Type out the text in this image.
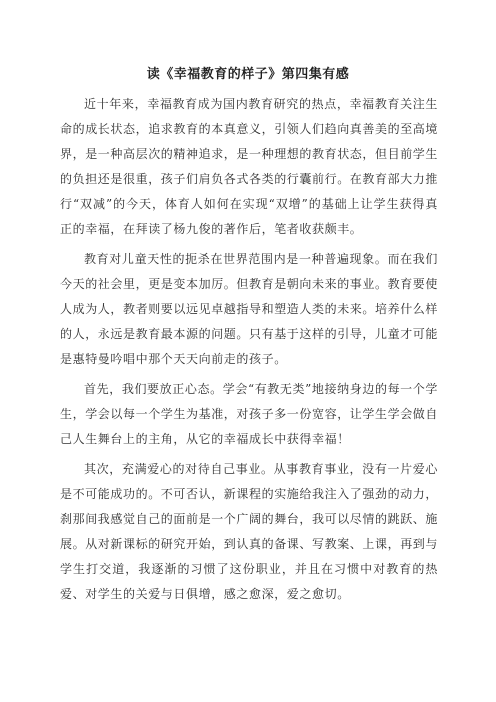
读《幸福教育的样子》第四集有感

近十年来，幸福教育成为国内教育研究的热点，幸福教育关注生命的成长状态，追求教育的本真意义，引领人们趋向真善美的至高境界，是一种高层次的精神追求，是一种理想的教育状态，但目前学生的负担还是很重，孩子们肩负各式各类的行囊前行。在教育部大力推行“双减”的今天，体育人如何在实现“双增”的基础上让学生获得真正的幸福，在拜读了杨九俊的著作后，笔者收获颇丰。

教育对儿童天性的扼杀在世界范围内是一种普遍现象。而在我们今天的社会里，更是变本加厉。但教育是朝向未来的事业。教育要使人成为人，教者则要以远见卓越指导和塑造人类的未来。培养什么样的人，永远是教育最本源的问题。只有基于这样的引导，儿童才可能是惠特曼吟唱中那个天天向前走的孩子。

首先，我们要放正心态。学会“有教无类”地接纳身边的每一个学生，学会以每一个学生为基准，对孩子多一份宽容，让学生学会做自己人生舞台上的主角，从它的幸福成长中获得幸福！

其次，充满爱心的对待自己事业。从事教育事业，没有一片爱心是不可能成功的。不可否认，新课程的实施给我注入了强劲的动力，刹那间我感觉自己的面前是一个广阔的舞台，我可以尽情的跳跃、施展。从对新课标的研究开始，到认真的备课、写教案、上课，再到与学生打交道，我逐渐的习惯了这份职业，并且在习惯中对教育的热爱、对学生的关爱与日俱增，感之愈深，爱之愈切。
